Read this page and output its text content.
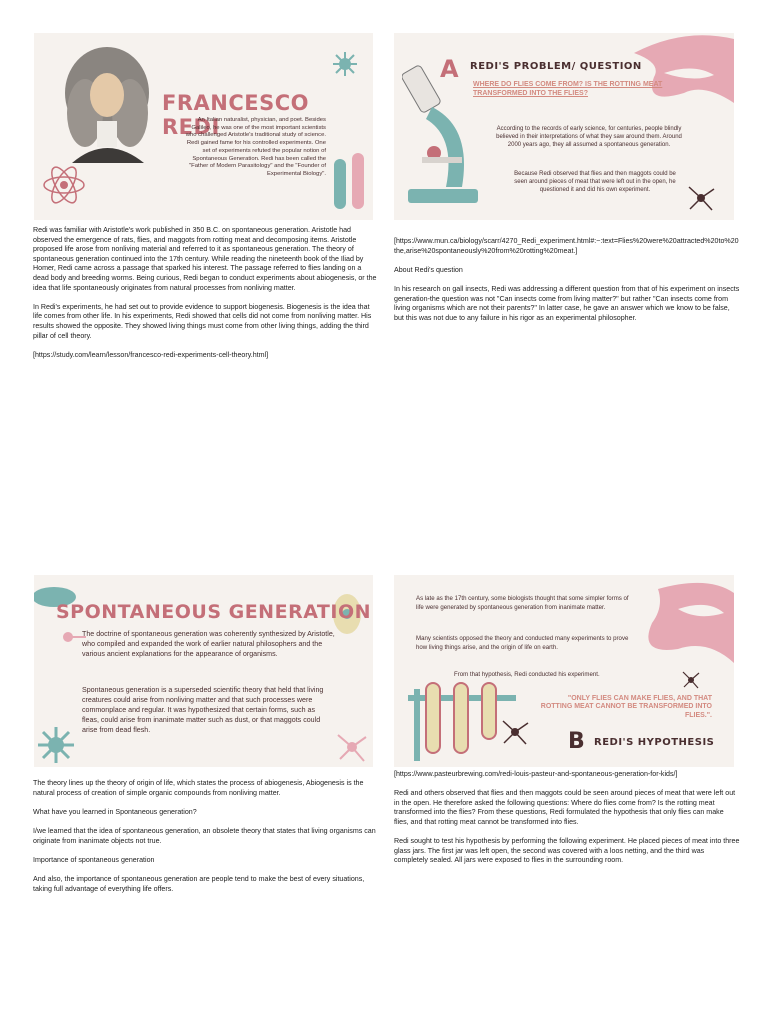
FRANCESCO REDI
An Italian naturalist, physician, and poet. Besides Galileo, he was one of the most important scientists who challenged Aristotle's traditional study of science. Redi gained fame for his controlled experiments. One set of experiments refuted the popular notion of Spontaneous Generation. Redi has been called the "Father of Modern Parasitology" and the "Founder of Experimental Biology".
A REDI'S PROBLEM/ QUESTION
WHERE DO FLIES COME FROM? IS THE ROTTING MEAT TRANSFORMED INTO THE FLIES?
According to the records of early science, for centuries, people blindly believed in their interpretations of what they saw around them. Around 2000 years ago, they all assumed a spontaneous generation.
Because Redi observed that flies and then maggots could be seen around pieces of meat that were left out in the open, he questioned it and did his own experiment.
SPONTANEOUS GENERATION
The doctrine of spontaneous generation was coherently synthesized by Aristotle, who compiled and expanded the work of earlier natural philosophers and the various ancient explanations for the appearance of organisms.
Spontaneous generation is a superseded scientific theory that held that living creatures could arise from nonliving matter and that such processes were commonplace and regular. It was hypothesized that certain forms, such as fleas, could arise from inanimate matter such as dust, or that maggots could arise from dead flesh.
As late as the 17th century, some biologists thought that some simpler forms of life were generated by spontaneous generation from inanimate matter.
Many scientists opposed the theory and conducted many experiments to prove how living things arise, and the origin of life on earth.
From that hypothesis, Redi conducted his experiment.
"ONLY FLIES CAN MAKE FLIES, AND THAT ROTTING MEAT CANNOT BE TRANSFORMED INTO FLIES.".
B REDI'S HYPOTHESIS

Redi was familiar with Aristotle's work published in 350 B.C. on spontaneous generation. Aristotle had observed the emergence of rats, flies, and maggots from rotting meat and decomposing items. Aristotle proposed life arose from nonliving material and referred to it as spontaneous generation. The theory of spontaneous generation continued into the 17th century. While reading the nineteenth book of the Iliad by Homer, Redi came across a passage that sparked his interest. The passage referred to flies landing on a dead body and breeding worms. Being curious, Redi began to conduct experiments about abiogenesis, or the idea that life spontaneously originates from natural processes from nonliving matter.

In Redi's experiments, he had set out to provide evidence to support biogenesis. Biogenesis is the idea that life comes from other life. In his experiments, Redi showed that cells did not come from nonliving matter. His results showed the opposite. They showed living things must come from other living things, adding the third pillar of cell theory.

[https://study.com/learn/lesson/francesco-redi-experiments-cell-theory.html]

[https://www.mun.ca/biology/scarr/4270_Redi_experiment.html#:~:text=Flies%20were%20attracted%20to%20the,arise%20spontaneously%20from%20rotting%20meat.]

About Redi's question

In his research on gall insects, Redi was addressing a different question from that of his experiment on insects generation-the question was not "Can insects come from living matter?" but rather "Can insects come from living organisms which are not their parents?" In latter case, he gave an answer which we know to be false, but this was not due to any failure in his rigor as an experimental philosopher.

The theory lines up the theory of origin of life, which states the process of abiogenesis, Abiogenesis is the natural process of creation of simple organic compounds from nonliving matter.

What have you learned in Spontaneous generation?

I/we learned that the idea of spontaneous generation, an obsolete theory that states that living organisms can originate from inanimate objects not true.

Importance of spontaneous generation

And also, the importance of spontaneous generation are people tend to make the best of every situations, taking full advantage of everything life offers.

[https://www.pasteurbrewing.com/redi-louis-pasteur-and-spontaneous-generation-for-kids/]

Redi and others observed that flies and then maggots could be seen around pieces of meat that were left out in the open. He therefore asked the following questions: Where do flies come from? Is the rotting meat transformed into the flies? From these questions, Redi formulated the hypothesis that only flies can make flies, and that rotting meat cannot be transformed into flies.

Redi sought to test his hypothesis by performing the following experiment. He placed pieces of meat into three glass jars. The first jar was left open, the second was covered with a loos netting, and the third was completely sealed. All jars were exposed to flies in the surrounding room.
